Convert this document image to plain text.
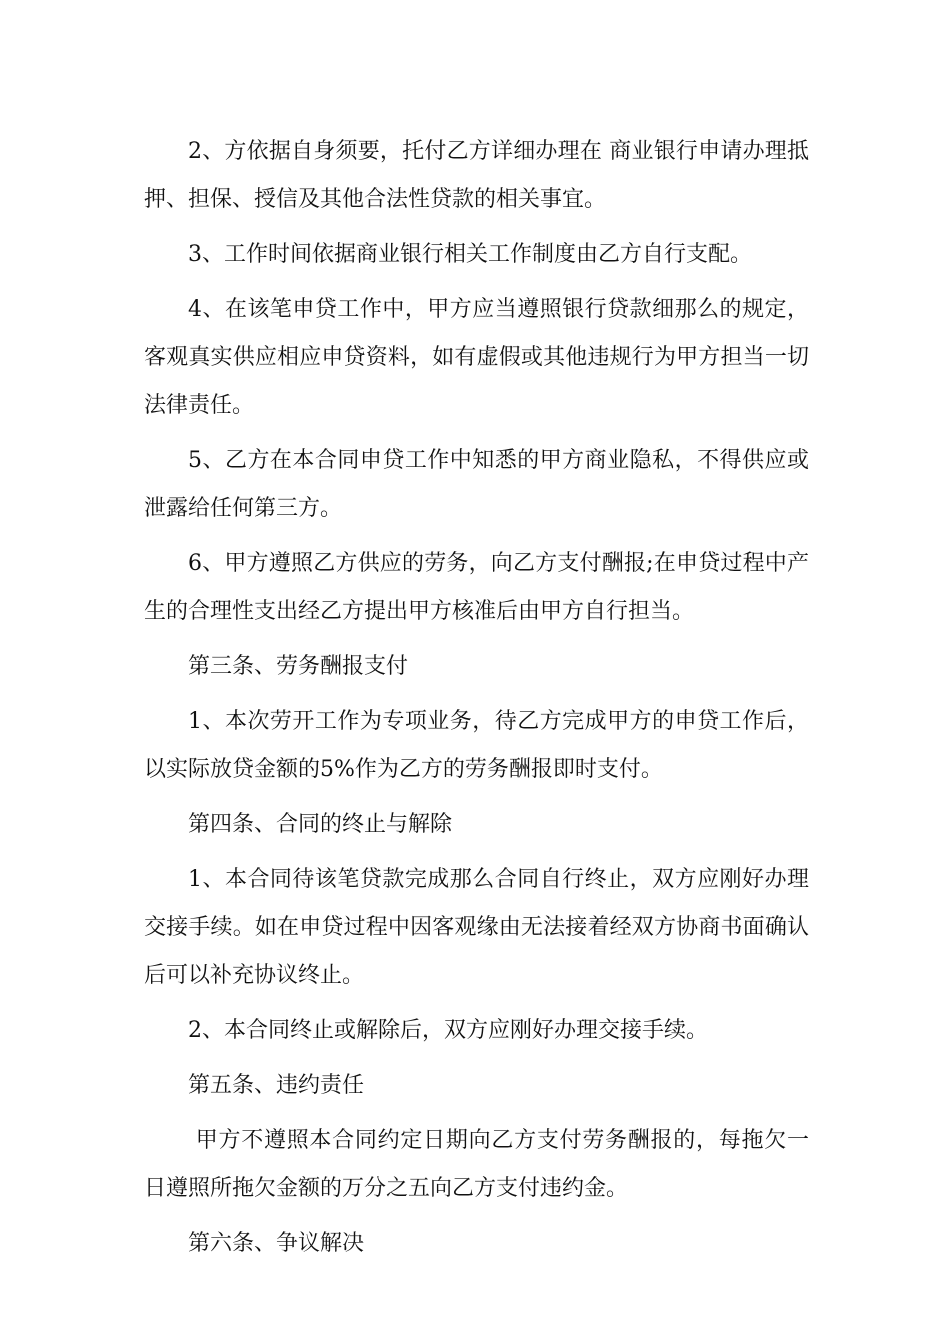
2、方依据自身须要，托付乙方详细办理在 商业银行申请办理抵押、担保、授信及其他合法性贷款的相关事宜。

3、工作时间依据商业银行相关工作制度由乙方自行支配。

4、在该笔申贷工作中，甲方应当遵照银行贷款细那么的规定，客观真实供应相应申贷资料，如有虚假或其他违规行为甲方担当一切法律责任。

5、乙方在本合同申贷工作中知悉的甲方商业隐私，不得供应或泄露给任何第三方。

6、甲方遵照乙方供应的劳务，向乙方支付酬报;在申贷过程中产生的合理性支出经乙方提出甲方核准后由甲方自行担当。

第三条、劳务酬报支付

1、本次劳开工作为专项业务，待乙方完成甲方的申贷工作后，以实际放贷金额的5%作为乙方的劳务酬报即时支付。

第四条、合同的终止与解除

1、本合同待该笔贷款完成那么合同自行终止，双方应刚好办理交接手续。如在申贷过程中因客观缘由无法接着经双方协商书面确认后可以补充协议终止。

2、本合同终止或解除后，双方应刚好办理交接手续。

第五条、违约责任

甲方不遵照本合同约定日期向乙方支付劳务酬报的，每拖欠一日遵照所拖欠金额的万分之五向乙方支付违约金。

第六条、争议解决
